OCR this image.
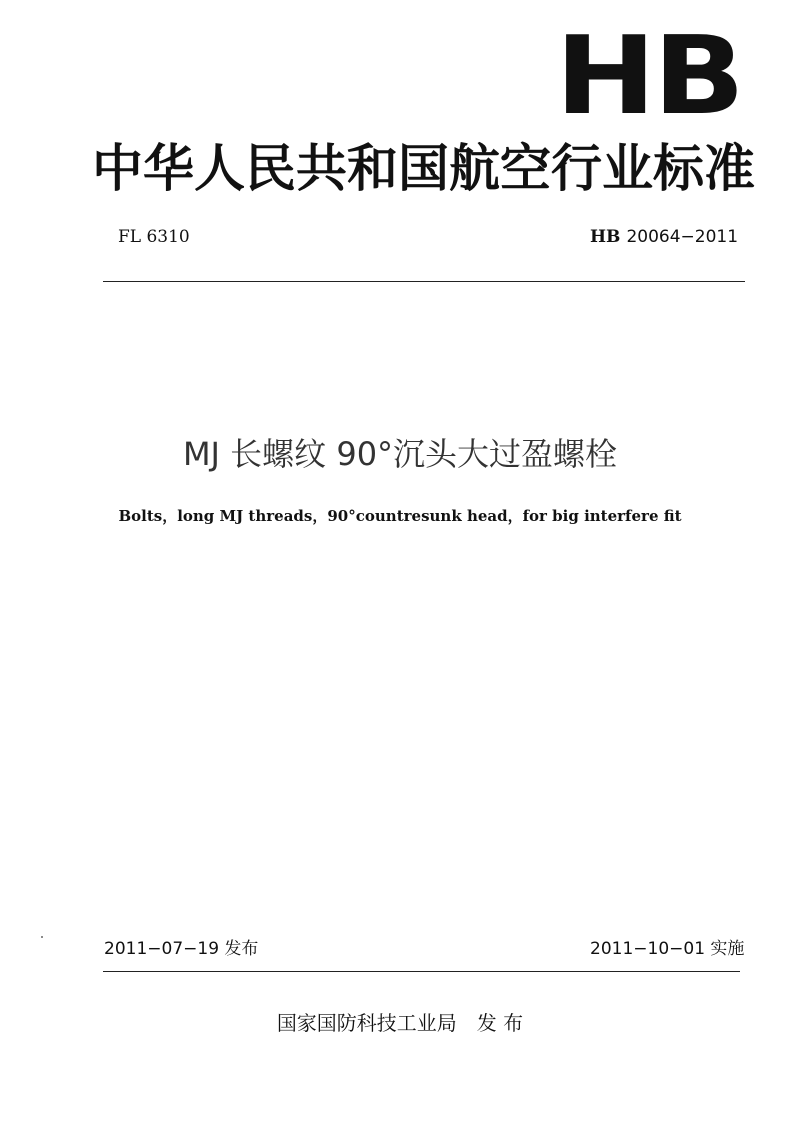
HB
中华人民共和国航空行业标准
FL 6310	HB 20064−2011
MJ 长螺纹 90°沉头大过盈螺栓
Bolts，long MJ threads，90°countresunk head，for big interfere fit
2011−07−19 发布	2011−10−01 实施
国家国防科技工业局　发 布
